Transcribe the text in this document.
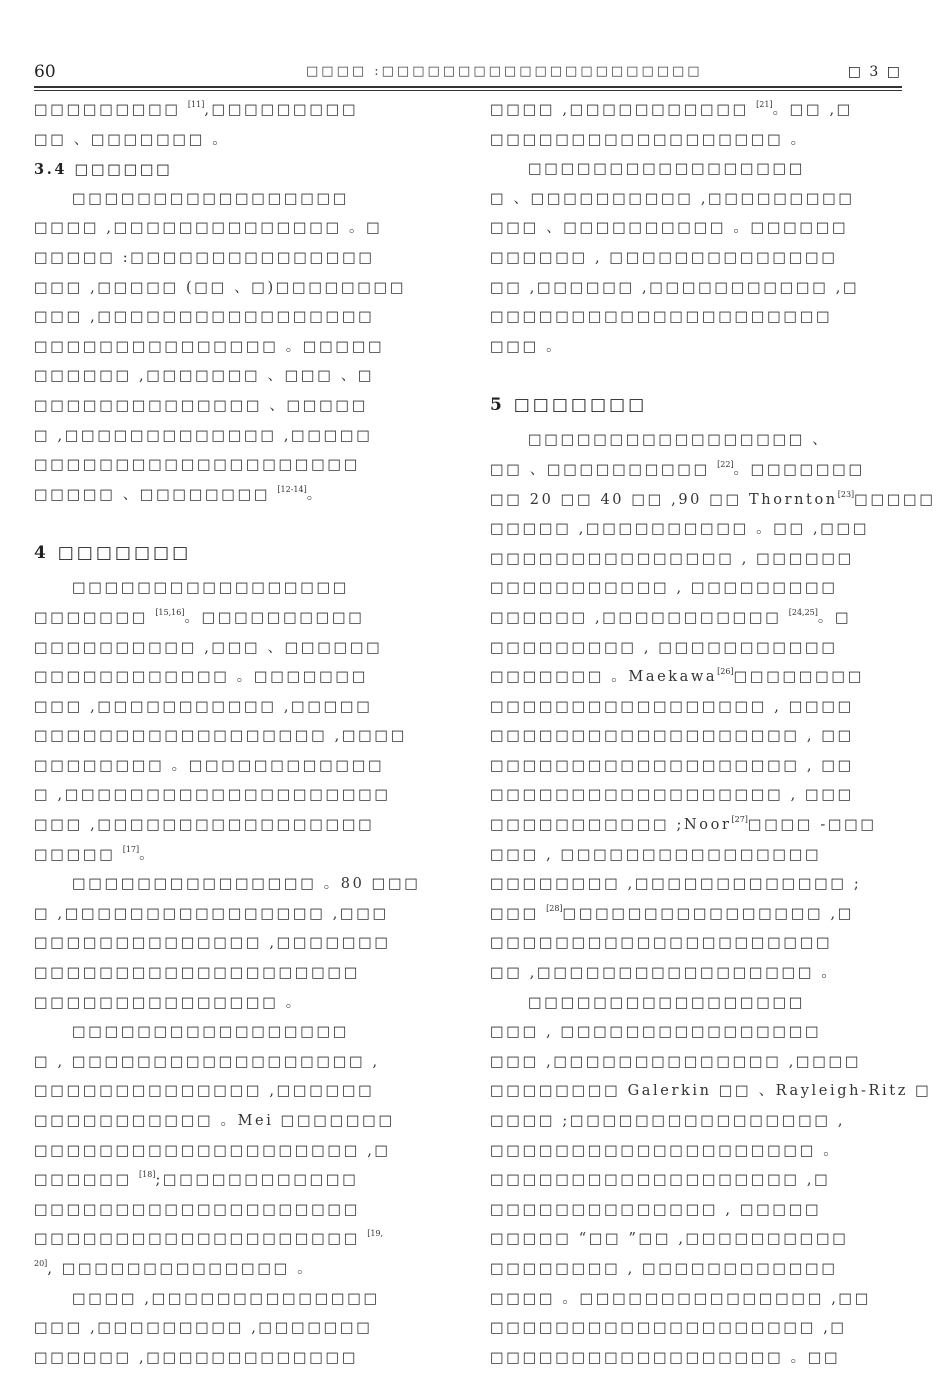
60	□□□□ :□□□□□□□□□□□□□□□□□□□□□	□ 3 □
□□□□□□□□□ [11],□□□□□□□□□
□□ 、□□□□□□□ 。
3.4 □□□□□□
□□□□□□□□□□□□□□□□□
□□□□ ,□□□□□□□□□□□□□□ 。□
□□□□□ :□□□□□□□□□□□□□□□
□□□ ,□□□□□ (□□ 、□)□□□□□□□□
□□□ ,□□□□□□□□□□□□□□□□□
□□□□□□□□□□□□□□□ 。□□□□□
□□□□□□ ,□□□□□□□ 、□□□ 、□
□□□□□□□□□□□□□□ 、□□□□□
□ ,□□□□□□□□□□□□□ ,□□□□□
□□□□□□□□□□□□□□□□□□□□
□□□□□ 、□□□□□□□□ [12-14]。
4 □□□□□□□
□□□□□□□□□□□□□□□□□
□□□□□□□ [15,16]。□□□□□□□□□□
□□□□□□□□□□ ,□□□ 、□□□□□□
□□□□□□□□□□□□ 。□□□□□□□
□□□ ,□□□□□□□□□□□ ,□□□□□
□□□□□□□□□□□□□□□□□□ ,□□□□
□□□□□□□□ 。□□□□□□□□□□□□
□ ,□□□□□□□□□□□□□□□□□□□□
□□□ ,□□□□□□□□□□□□□□□□□
□□□□□ [17]。
□□□□□□□□□□□□□□□ 。80 □□□
□ ,□□□□□□□□□□□□□□□□ ,□□□
□□□□□□□□□□□□□□ ,□□□□□□□
□□□□□□□□□□□□□□□□□□□□
□□□□□□□□□□□□□□□ 。
□□□□□□□□□□□□□□□□□
□ , □□□□□□□□□□□□□□□□□□ ,
□□□□□□□□□□□□□□ ,□□□□□□
□□□□□□□□□□□ 。Mei □□□□□□□
□□□□□□□□□□□□□□□□□□□□ ,□
□□□□□□ [18];□□□□□□□□□□□□
□□□□□□□□□□□□□□□□□□□□
□□□□□□□□□□□□□□□□□□□□ $^{[19,}$
$^{20]}$, □□□□□□□□□□□□□□ 。
□□□□ ,□□□□□□□□□□□□□□
□□□ ,□□□□□□□□□ ,□□□□□□□
□□□□□□ ,□□□□□□□□□□□□□
□□□□ ,□□□□□□□□□□□ [21]。□□ ,□
□□□□□□□□□□□□□□□□□□ 。
□□□□□□□□□□□□□□□□□
□ 、□□□□□□□□□□ ,□□□□□□□□□
□□□ 、□□□□□□□□□□ 。□□□□□□
□□□□□□ , □□□□□□□□□□□□□□
□□ ,□□□□□□ ,□□□□□□□□□□□ ,□
□□□□□□□□□□□□□□□□□□□□□
□□□ 。
5 □□□□□□□
□□□□□□□□□□□□□□□□□ 、
□□ 、□□□□□□□□□□ [22]。□□□□□□□
□□ 20 □□ 40 □□ ,90 □□ Thornton[23]□□□□□
□□□□□ ,□□□□□□□□□□ 。□□ ,□□□
□□□□□□□□□□□□□□□ , □□□□□□
□□□□□□□□□□□ , □□□□□□□□□
□□□□□□ ,□□□□□□□□□□□ [24,25]。□
□□□□□□□□□ , □□□□□□□□□□□
□□□□□□□ 。Maekawa[26]□□□□□□□□
□□□□□□□□□□□□□□□□□ , □□□□
□□□□□□□□□□□□□□□□□□□ , □□
□□□□□□□□□□□□□□□□□□□ , □□
□□□□□□□□□□□□□□□□□□ , □□□
□□□□□□□□□□□ ;Noor[27]□□□□ -□□□
□□□ , □□□□□□□□□□□□□□□□
□□□□□□□□ ,□□□□□□□□□□□□□ ;
□□□ [28]□□□□□□□□□□□□□□□□ ,□
□□□□□□□□□□□□□□□□□□□□□
□□ ,□□□□□□□□□□□□□□□□□ 。
□□□□□□□□□□□□□□□□□
□□□ , □□□□□□□□□□□□□□□□
□□□ ,□□□□□□□□□□□□□□ ,□□□□
□□□□□□□□ Galerkin □□ 、Rayleigh-Ritz □
□□□□ ;□□□□□□□□□□□□□□□□ ,
□□□□□□□□□□□□□□□□□□□□ 。
□□□□□□□□□□□□□□□□□□□ ,□
□□□□□□□□□□□□□□ , □□□□□
□□□□□ “□□ ”□□ ,□□□□□□□□□□
□□□□□□□□ , □□□□□□□□□□□□
□□□□ 。□□□□□□□□□□□□□□□ ,□□
□□□□□□□□□□□□□□□□□□□□ ,□
□□□□□□□□□□□□□□□□□□ 。□□
